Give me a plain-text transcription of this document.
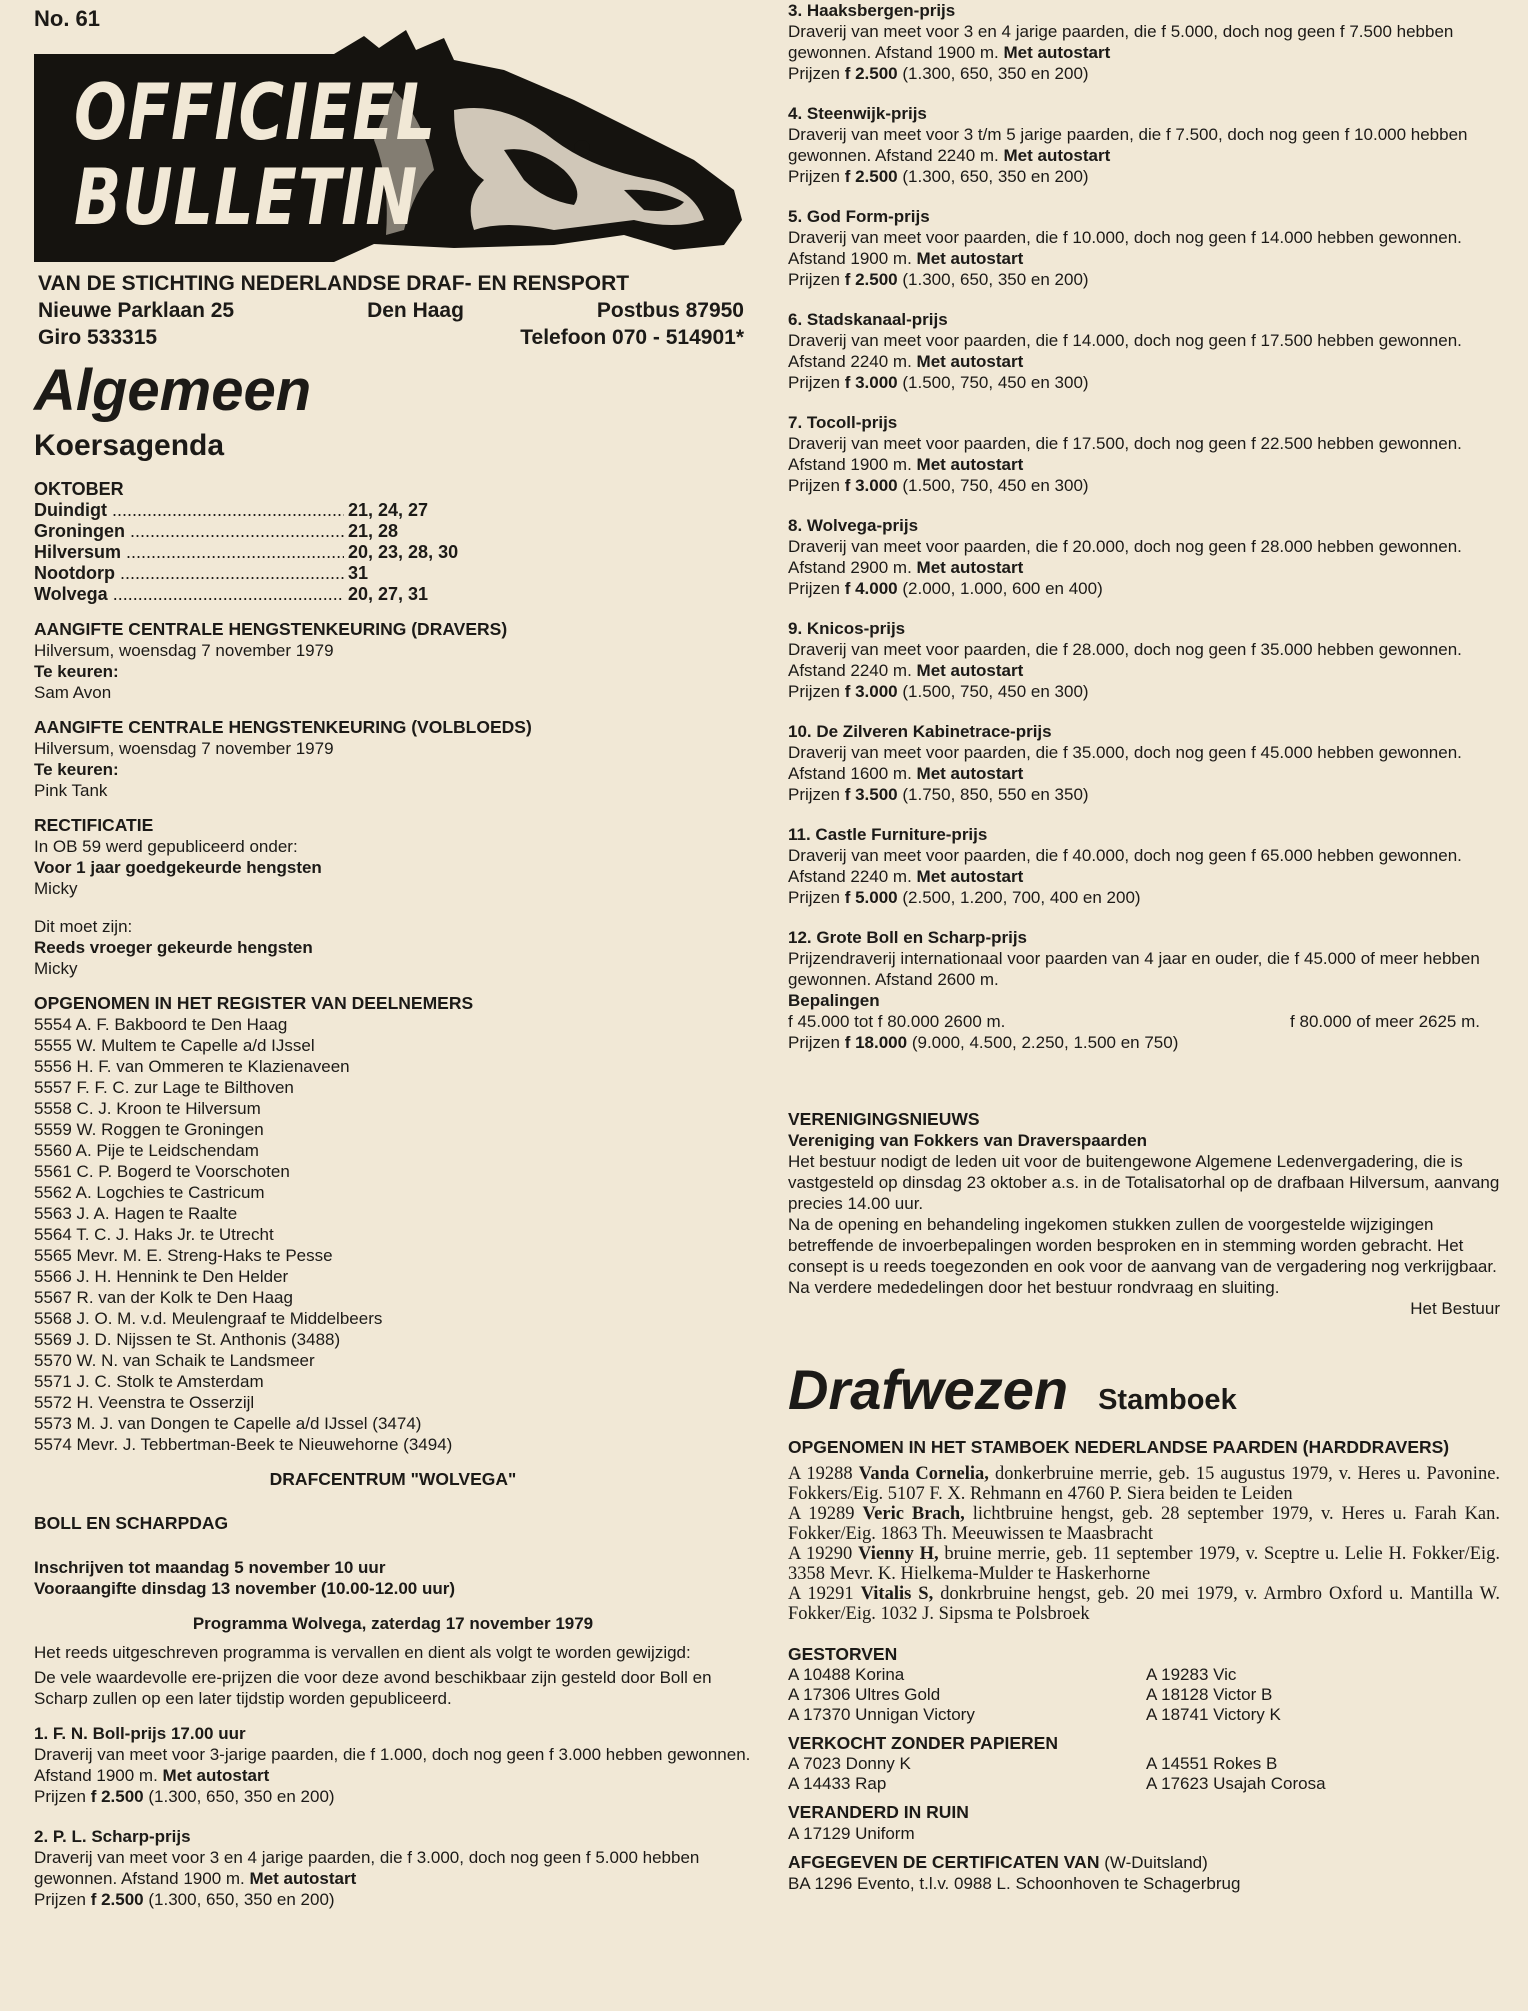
No. 61
OFFICIEEL
BULLETIN
VAN DE STICHTING NEDERLANDSE DRAF- EN RENSPORT
Nieuwe Parklaan 25	Den Haag	Postbus 87950
Giro 533315	Telefoon 070 - 514901*
Algemeen
Koersagenda
OKTOBER
Duindigt .....	21, 24, 27
Groningen .....	21, 28
Hilversum .....	20, 23, 28, 30
Nootdorp .....	31
Wolvega .....	20, 27, 31
AANGIFTE CENTRALE HENGSTENKEURING (DRAVERS)
Hilversum, woensdag 7 november 1979
Te keuren:
Sam Avon
AANGIFTE CENTRALE HENGSTENKEURING (VOLBLOEDS)
Hilversum, woensdag 7 november 1979
Te keuren:
Pink Tank
RECTIFICATIE
In OB 59 werd gepubliceerd onder:
Voor 1 jaar goedgekeurde hengsten
Micky
Dit moet zijn:
Reeds vroeger gekeurde hengsten
Micky
OPGENOMEN IN HET REGISTER VAN DEELNEMERS
5554 A. F. Bakboord te Den Haag
5555 W. Multem te Capelle a/d IJssel
5556 H. F. van Ommeren te Klazienaveen
5557 F. F. C. zur Lage te Bilthoven
5558 C. J. Kroon te Hilversum
5559 W. Roggen te Groningen
5560 A. Pije te Leidschendam
5561 C. P. Bogerd te Voorschoten
5562 A. Logchies te Castricum
5563 J. A. Hagen te Raalte
5564 T. C. J. Haks Jr. te Utrecht
5565 Mevr. M. E. Streng-Haks te Pesse
5566 J. H. Hennink te Den Helder
5567 R. van der Kolk te Den Haag
5568 J. O. M. v.d. Meulengraaf te Middelbeers
5569 J. D. Nijssen te St. Anthonis (3488)
5570 W. N. van Schaik te Landsmeer
5571 J. C. Stolk te Amsterdam
5572 H. Veenstra te Osserzijl
5573 M. J. van Dongen te Capelle a/d IJssel (3474)
5574 Mevr. J. Tebbertman-Beek te Nieuwehorne (3494)
DRAFCENTRUM "WOLVEGA"
BOLL EN SCHARPDAG
Inschrijven tot maandag 5 november 10 uur
Vooraangifte dinsdag 13 november (10.00-12.00 uur)
Programma Wolvega, zaterdag 17 november 1979
Het reeds uitgeschreven programma is vervallen en dient als volgt te worden gewijzigd:
De vele waardevolle ere-prijzen die voor deze avond beschikbaar zijn gesteld door Boll en Scharp zullen op een later tijdstip worden gepubliceerd.
1. F. N. Boll-prijs 17.00 uur
Draverij van meet voor 3-jarige paarden, die f 1.000, doch nog geen f 3.000 hebben gewonnen. Afstand 1900 m. Met autostart
Prijzen f 2.500 (1.300, 650, 350 en 200)
2. P. L. Scharp-prijs
Draverij van meet voor 3 en 4 jarige paarden, die f 3.000, doch nog geen f 5.000 hebben gewonnen. Afstand 1900 m. Met autostart
Prijzen f 2.500 (1.300, 650, 350 en 200)
3. Haaksbergen-prijs
Draverij van meet voor 3 en 4 jarige paarden, die f 5.000, doch nog geen f 7.500 hebben gewonnen. Afstand 1900 m. Met autostart
Prijzen f 2.500 (1.300, 650, 350 en 200)
4. Steenwijk-prijs
Draverij van meet voor 3 t/m 5 jarige paarden, die f 7.500, doch nog geen f 10.000 hebben gewonnen. Afstand 2240 m. Met autostart
Prijzen f 2.500 (1.300, 650, 350 en 200)
5. God Form-prijs
Draverij van meet voor paarden, die f 10.000, doch nog geen f 14.000 hebben gewonnen. Afstand 1900 m. Met autostart
Prijzen f 2.500 (1.300, 650, 350 en 200)
6. Stadskanaal-prijs
Draverij van meet voor paarden, die f 14.000, doch nog geen f 17.500 hebben gewonnen. Afstand 2240 m. Met autostart
Prijzen f 3.000 (1.500, 750, 450 en 300)
7. Tocoll-prijs
Draverij van meet voor paarden, die f 17.500, doch nog geen f 22.500 hebben gewonnen. Afstand 1900 m. Met autostart
Prijzen f 3.000 (1.500, 750, 450 en 300)
8. Wolvega-prijs
Draverij van meet voor paarden, die f 20.000, doch nog geen f 28.000 hebben gewonnen. Afstand 2900 m. Met autostart
Prijzen f 4.000 (2.000, 1.000, 600 en 400)
9. Knicos-prijs
Draverij van meet voor paarden, die f 28.000, doch nog geen f 35.000 hebben gewonnen. Afstand 2240 m. Met autostart
Prijzen f 3.000 (1.500, 750, 450 en 300)
10. De Zilveren Kabinetrace-prijs
Draverij van meet voor paarden, die f 35.000, doch nog geen f 45.000 hebben gewonnen. Afstand 1600 m. Met autostart
Prijzen f 3.500 (1.750, 850, 550 en 350)
11. Castle Furniture-prijs
Draverij van meet voor paarden, die f 40.000, doch nog geen f 65.000 hebben gewonnen. Afstand 2240 m. Met autostart
Prijzen f 5.000 (2.500, 1.200, 700, 400 en 200)
12. Grote Boll en Scharp-prijs
Prijzendraverij internationaal voor paarden van 4 jaar en ouder, die f 45.000 of meer hebben gewonnen. Afstand 2600 m.
Bepalingen
f 45.000 tot f 80.000 2600 m.	f 80.000 of meer 2625 m.
Prijzen f 18.000 (9.000, 4.500, 2.250, 1.500 en 750)
VERENIGINGSNIEUWS
Vereniging van Fokkers van Draverspaarden
Het bestuur nodigt de leden uit voor de buitengewone Algemene Ledenvergadering, die is vastgesteld op dinsdag 23 oktober a.s. in de Totalisatorhal op de drafbaan Hilversum, aanvang precies 14.00 uur.
Na de opening en behandeling ingekomen stukken zullen de voorgestelde wijzigingen betreffende de invoerbepalingen worden besproken en in stemming worden gebracht. Het consept is u reeds toegezonden en ook voor de aanvang van de vergadering nog verkrijgbaar.
Na verdere mededelingen door het bestuur rondvraag en sluiting.
Het Bestuur
Drafwezen Stamboek
OPGENOMEN IN HET STAMBOEK NEDERLANDSE PAARDEN (HARDDRAVERS)
A 19288 Vanda Cornelia, donkerbruine merrie, geb. 15 augustus 1979, v. Heres u. Pavonine. Fokkers/Eig. 5107 F. X. Rehmann en 4760 P. Siera beiden te Leiden
A 19289 Veric Brach, lichtbruine hengst, geb. 28 september 1979, v. Heres u. Farah Kan. Fokker/Eig. 1863 Th. Meeuwissen te Maasbracht
A 19290 Vienny H, bruine merrie, geb. 11 september 1979, v. Sceptre u. Lelie H. Fokker/Eig. 3358 Mevr. K. Hielkema-Mulder te Haskerhorne
A 19291 Vitalis S, donkrbruine hengst, geb. 20 mei 1979, v. Armbro Oxford u. Mantilla W. Fokker/Eig. 1032 J. Sipsma te Polsbroek
GESTORVEN
A 10488 Korina	A 19283 Vic
A 17306 Ultres Gold	A 18128 Victor B
A 17370 Unnigan Victory	A 18741 Victory K
VERKOCHT ZONDER PAPIEREN
A 7023 Donny K	A 14551 Rokes B
A 14433 Rap	A 17623 Usajah Corosa
VERANDERD IN RUIN
A 17129 Uniform
AFGEGEVEN DE CERTIFICATEN VAN (W-Duitsland)
BA 1296 Evento, t.l.v. 0988 L. Schoonhoven te Schagerbrug
